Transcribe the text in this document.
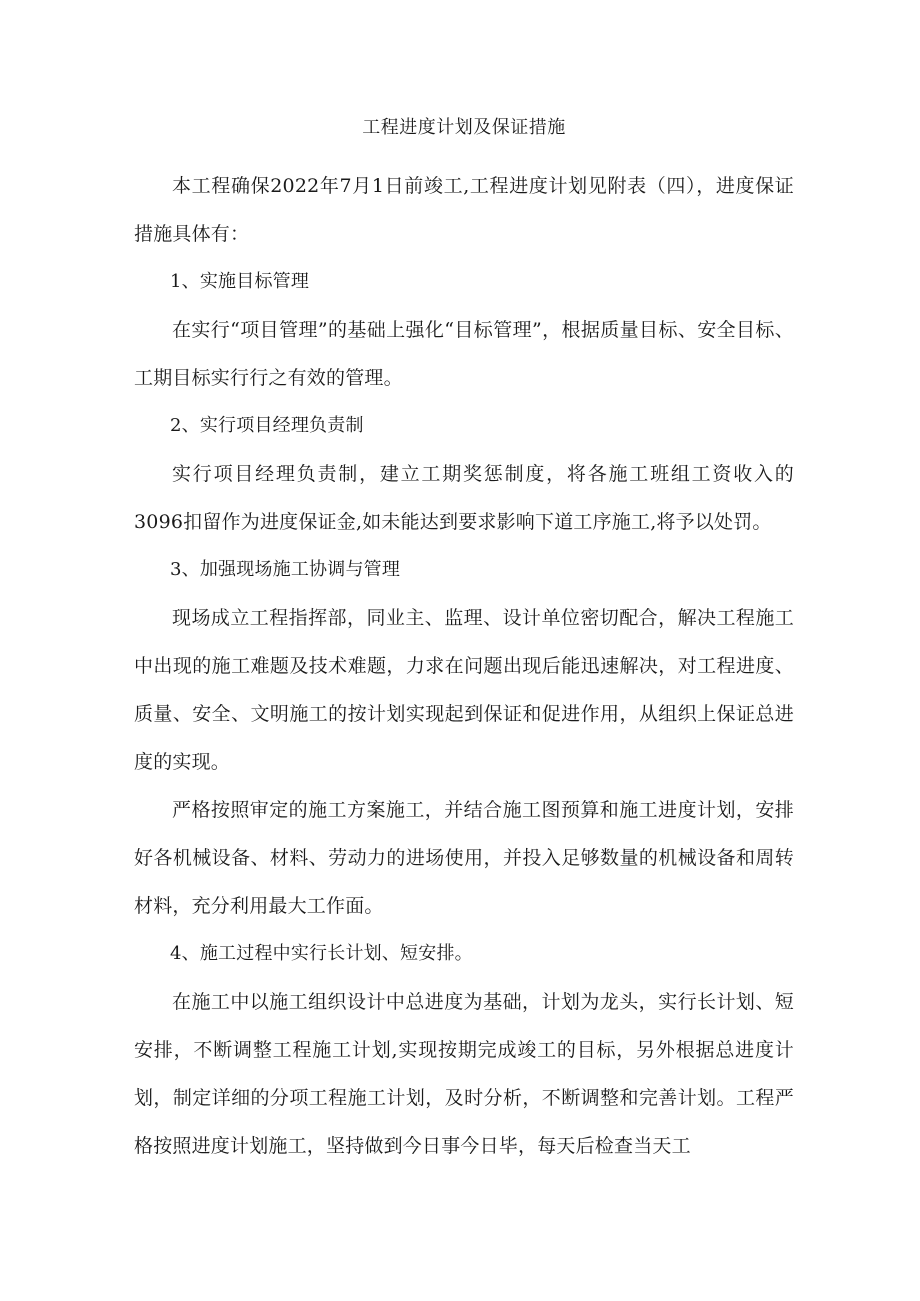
工程进度计划及保证措施

本工程确保2022年7月1日前竣工,工程进度计划见附表（四），进度保证措施具体有：

1、实施目标管理

在实行“项目管理”的基础上强化“目标管理”，根据质量目标、安全目标、工期目标实行行之有效的管理。

2、实行项目经理负责制

实行项目经理负责制，建立工期奖惩制度，将各施工班组工资收入的3096扣留作为进度保证金,如未能达到要求影响下道工序施工,将予以处罚。

3、加强现场施工协调与管理

现场成立工程指挥部，同业主、监理、设计单位密切配合，解决工程施工中出现的施工难题及技术难题，力求在问题出现后能迅速解决，对工程进度、质量、安全、文明施工的按计划实现起到保证和促进作用，从组织上保证总进度的实现。

严格按照审定的施工方案施工，并结合施工图预算和施工进度计划，安排好各机械设备、材料、劳动力的进场使用，并投入足够数量的机械设备和周转材料，充分利用最大工作面。

4、施工过程中实行长计划、短安排。

在施工中以施工组织设计中总进度为基础，计划为龙头，实行长计划、短安排，不断调整工程施工计划,实现按期完成竣工的目标，另外根据总进度计划，制定详细的分项工程施工计划，及时分析，不断调整和完善计划。工程严格按照进度计划施工，坚持做到今日事今日毕，每天后检查当天工
